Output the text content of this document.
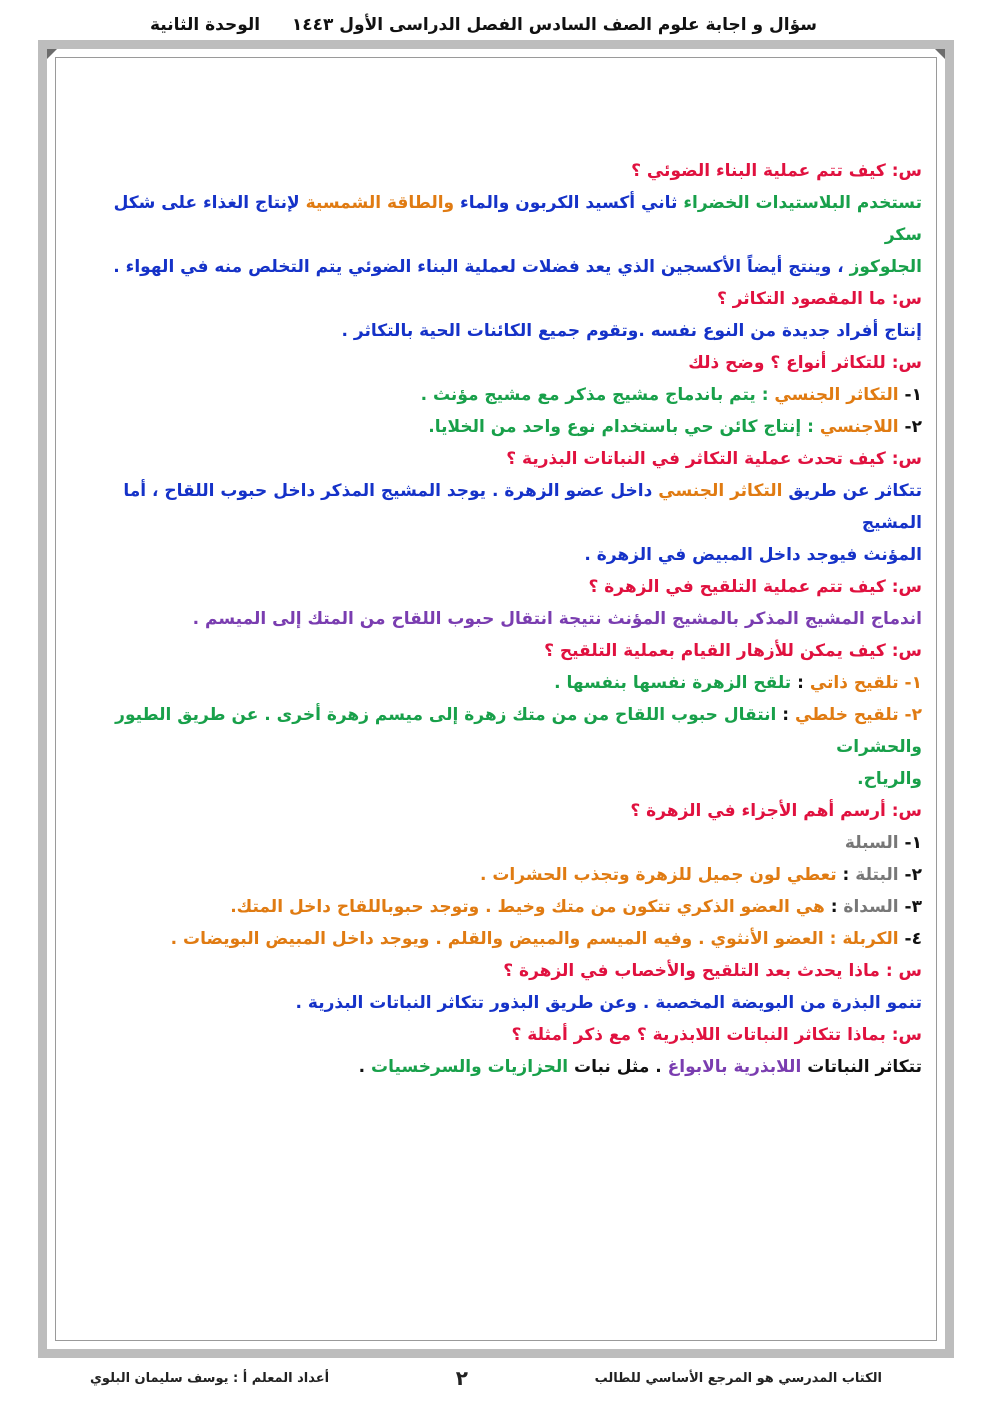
سؤال و اجابة علوم الصف السادس الفصل الدراسى الأول ١٤٤٣
الوحدة الثانية

س: كيف تتم عملية البناء الضوئي ؟

تستخدم البلاستيدات الخضراء ثاني أكسيد الكربون والماء والطاقة الشمسية لإنتاج الغذاء على شكل سكر

الجلوكوز ، وينتج أيضاً الأكسجين الذي يعد فضلات لعملية البناء الضوئي يتم التخلص منه في الهواء .

س: ما المقصود التكاثر ؟

إنتاج أفراد جديدة من النوع نفسه .وتقوم جميع الكائنات الحية بالتكاثر .

س: للتكاثر أنواع ؟ وضح ذلك

١- التكاثر الجنسي : يتم باندماج مشيج مذكر مع مشيج مؤنث .

٢- اللاجنسي : إنتاج كائن حي باستخدام نوع واحد من الخلايا.

س: كيف تحدث عملية التكاثر في النباتات البذرية ؟

تتكاثر عن طريق التكاثر الجنسي داخل عضو الزهرة . يوجد المشيج المذكر داخل حبوب اللقاح ، أما المشيج

المؤنث فيوجد داخل المبيض في الزهرة .

س: كيف تتم عملية التلقيح في الزهرة ؟

اندماج المشيج المذكر بالمشيج المؤنث نتيجة انتقال حبوب اللقاح من المتك إلى الميسم .

س: كيف يمكن للأزهار القيام بعملية التلقيح ؟

١- تلقيح ذاتي : تلقح الزهرة نفسها بنفسها .

٢- تلقيح خلطي : انتقال حبوب اللقاح من من متك زهرة إلى ميسم زهرة أخرى . عن طريق الطيور والحشرات

والرياح.

س: أرسم أهم الأجزاء في الزهرة ؟

١- السبلة

٢- البتلة : تعطي لون جميل للزهرة وتجذب الحشرات .

٣- السداة : هي العضو الذكري تتكون من متك وخيط . وتوجد حبوباللقاح داخل المتك.

٤- الكربلة : العضو الأنثوي . وفيه الميسم والمبيض والقلم . ويوجد داخل المبيض البويضات .

س : ماذا يحدث بعد التلقيح والأخصاب في الزهرة ؟

تنمو البذرة من البويضة المخصبة . وعن طريق البذور تتكاثر النباتات البذرية .

س: بماذا تتكاثر النباتات اللابذرية ؟ مع ذكر أمثلة ؟

تتكاثر النباتات اللابذرية بالابواغ . مثل نبات الحزازيات والسرخسيات .

الكتاب المدرسي هو المرجع الأساسي للطالب
٢
أعداد المعلم أ : يوسف سليمان البلوي
